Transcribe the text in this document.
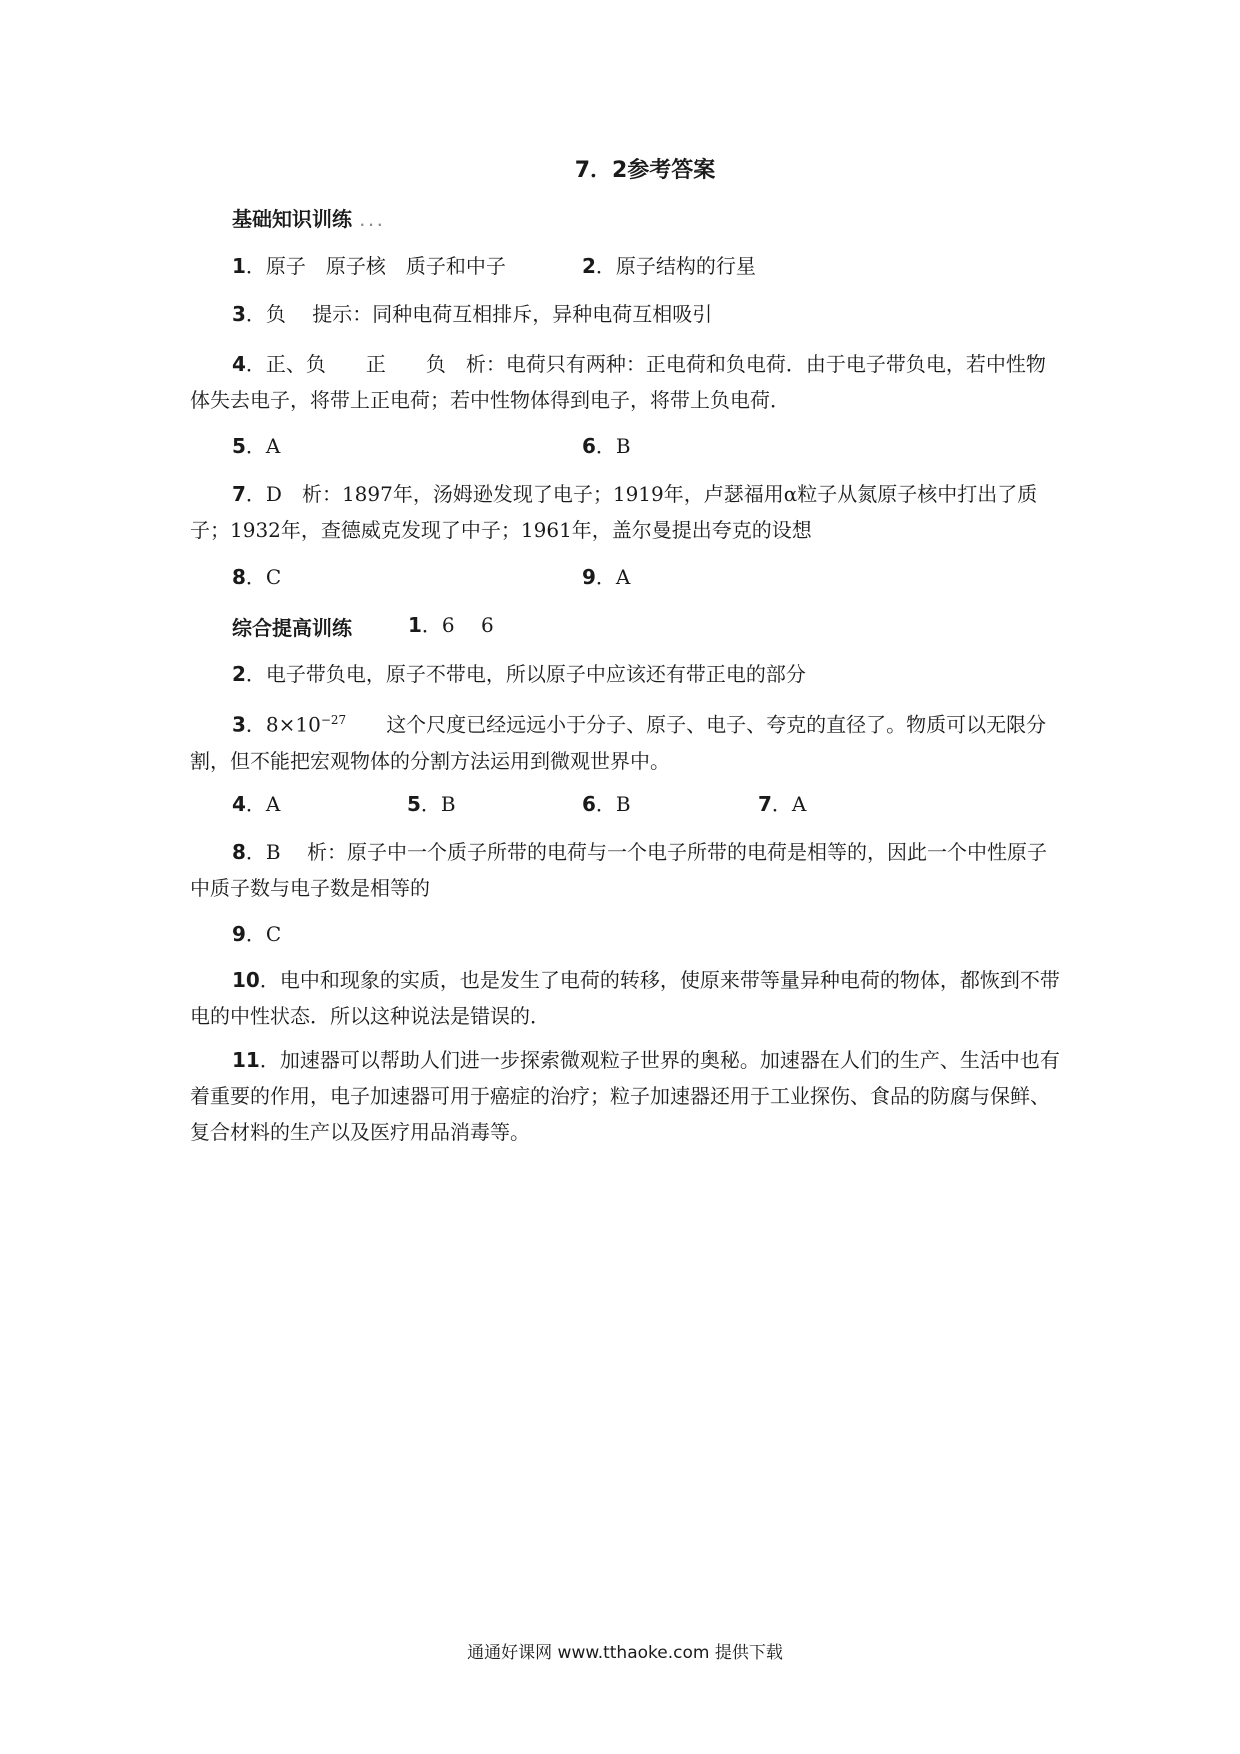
7．2参考答案
基础知识训练 . . .
1．原子　原子核　质子和中子	2．原子结构的行星
3．负　 提示：同种电荷互相排斥，异种电荷互相吸引
4．正、负　　正　　负　析：电荷只有两种：正电荷和负电荷．由于电子带负电，若中性物体失去电子，将带上正电荷；若中性物体得到电子，将带上负电荷．
5．A	6．B
7．D　析：1897年，汤姆逊发现了电子；1919年，卢瑟福用α粒子从氮原子核中打出了质子；1932年，查德威克发现了中子；1961年，盖尔曼提出夸克的设想
8．C	9．A
综合提高训练	1．6　 6
2．电子带负电，原子不带电，所以原子中应该还有带正电的部分
3．$8\times 10^{-27}$　　 这个尺度已经远远小于分子、原子、电子、夸克的直径了。物质可以无限分割，但不能把宏观物体的分割方法运用到微观世界中。
4．A	5．B	6．B	7．A
8．B　 析：原子中一个质子所带的电荷与一个电子所带的电荷是相等的，因此一个中性原子中质子数与电子数是相等的
9．C
10．电中和现象的实质，也是发生了电荷的转移，使原来带等量异种电荷的物体，都恢到不带电的中性状态．所以这种说法是错误的．
11．加速器可以帮助人们进一步探索微观粒子世界的奥秘。加速器在人们的生产、生活中也有着重要的作用，电子加速器可用于癌症的治疗；粒子加速器还用于工业探伤、食品的防腐与保鲜、复合材料的生产以及医疗用品消毒等。
通通好课网 www.tthaoke.com 提供下载
